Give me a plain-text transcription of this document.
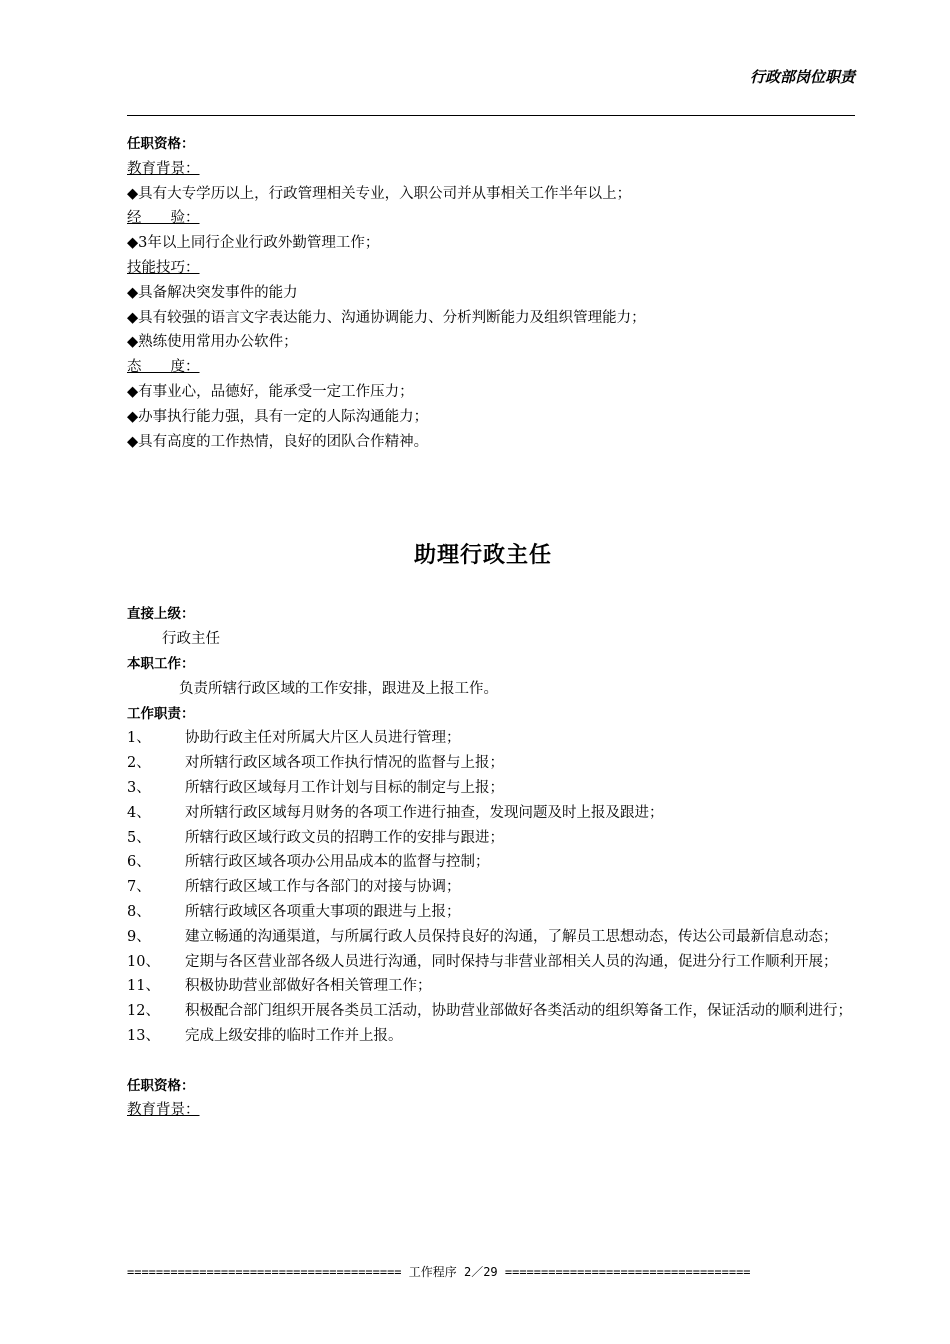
行政部岗位职责
任职资格：
教育背景：
◆具有大专学历以上，行政管理相关专业，入职公司并从事相关工作半年以上；
经　　验：
◆3年以上同行企业行政外勤管理工作；
技能技巧：
◆具备解决突发事件的能力
◆具有较强的语言文字表达能力、沟通协调能力、分析判断能力及组织管理能力；
◆熟练使用常用办公软件；
态　　度：
◆有事业心，品德好，能承受一定工作压力；
◆办事执行能力强，具有一定的人际沟通能力；
◆具有高度的工作热情，良好的团队合作精神。
助理行政主任
直接上级：
行政主任
本职工作：
负责所辖行政区域的工作安排，跟进及上报工作。
工作职责：
1、	协助行政主任对所属大片区人员进行管理；
2、	对所辖行政区域各项工作执行情况的监督与上报；
3、	所辖行政区域每月工作计划与目标的制定与上报；
4、	对所辖行政区域每月财务的各项工作进行抽查，发现问题及时上报及跟进；
5、	所辖行政区域行政文员的招聘工作的安排与跟进；
6、	所辖行政区域各项办公用品成本的监督与控制；
7、	所辖行政区域工作与各部门的对接与协调；
8、	所辖行政域区各项重大事项的跟进与上报；
9、	建立畅通的沟通渠道，与所属行政人员保持良好的沟通，了解员工思想动态，传达公司最新信息动态；
10、	定期与各区营业部各级人员进行沟通，同时保持与非营业部相关人员的沟通，促进分行工作顺利开展；
11、	积极协助营业部做好各相关管理工作；
12、	积极配合部门组织开展各类员工活动，协助营业部做好各类活动的组织筹备工作，保证活动的顺利进行；
13、	完成上级安排的临时工作并上报。
任职资格：
教育背景：
====================================== 工作程序 2／29 ==================================
